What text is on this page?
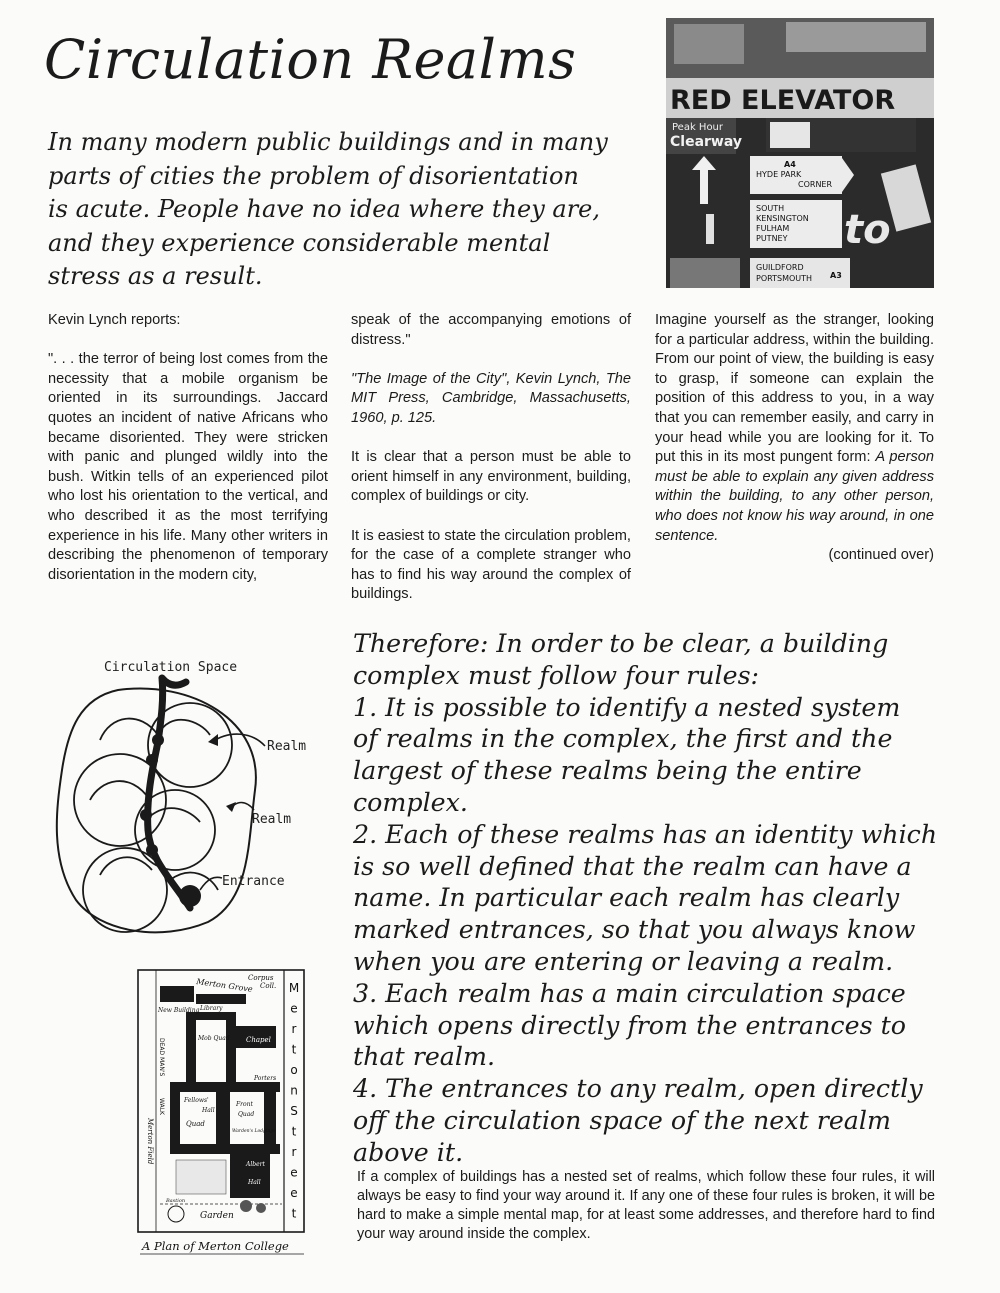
Circulation Realms

In many modern public buildings and in many
parts of cities the problem of disorientation
is acute. People have no idea where they are,
and they experience considerable mental
stress as a result.

RED ELEVATOR
Peak Hour
Clearway
A4
HYDE PARK
CORNER
SOUTH
KENSINGTON
FULHAM
PUTNEY to
GUILDFORD
PORTSMOUTH A3

Kevin Lynch reports:

". . . the terror of being lost comes from the necessity that a mobile organism be oriented in its surroundings. Jaccard quotes an incident of native Africans who became disoriented. They were stricken with panic and plunged wildly into the bush. Witkin tells of an experienced pilot who lost his orientation to the vertical, and who described it as the most terrifying experience in his life. Many other writers in describing the phenomenon of temporary disorientation in the modern city,

speak of the accompanying emotions of distress."

"The Image of the City", Kevin Lynch, The MIT Press, Cambridge, Massachusetts, 1960, p. 125.

It is clear that a person must be able to orient himself in any environment, building, complex of buildings or city.

It is easiest to state the circulation problem, for the case of a complete stranger who has to find his way around the complex of buildings.

Imagine yourself as the stranger, looking for a particular address, within the building. From our point of view, the building is easy to grasp, if someone can explain the position of this address to you, in a way that you can remember easily, and carry in your head while you are looking for it. To put this in its most pungent form: A person must be able to explain any given address within the building, to any other person, who does not know his way around, in one sentence.
(continued over)

Therefore: In order to be clear, a building
complex must follow four rules:
1. It is possible to identify a nested system
of realms in the complex, the first and the
largest of these realms being the entire
complex.
2. Each of these realms has an identity which
is so well defined that the realm can have a
name. In particular each realm has clearly
marked entrances, so that you always know
when you are entering or leaving a realm.
3. Each realm has a main circulation space
which opens directly from the entrances to
that realm.
4. The entrances to any realm, open directly
off the circulation space of the next realm
above it.

If a complex of buildings has a nested set of realms, which follow these four rules, it will always be easy to find your way around it. If any one of these four rules is broken, it will be hard to make a simple mental map, for at least some addresses, and therefore hard to find your way around inside the complex.

Circulation Space
Realm
Realm
Entrance
Corpus
Coll.
Merton Grove
New Building Library
Mob Quad Chapel
Porters
Fellows'
Hall
Quad
Front
Quad
Warden's Lodgings
Albert
Hall
Garden
Bastion
Merton Field
DEAD MAN'S
WALK
M
e
r
t
o
n
S
t
r
e
e
t
A Plan of Merton College
